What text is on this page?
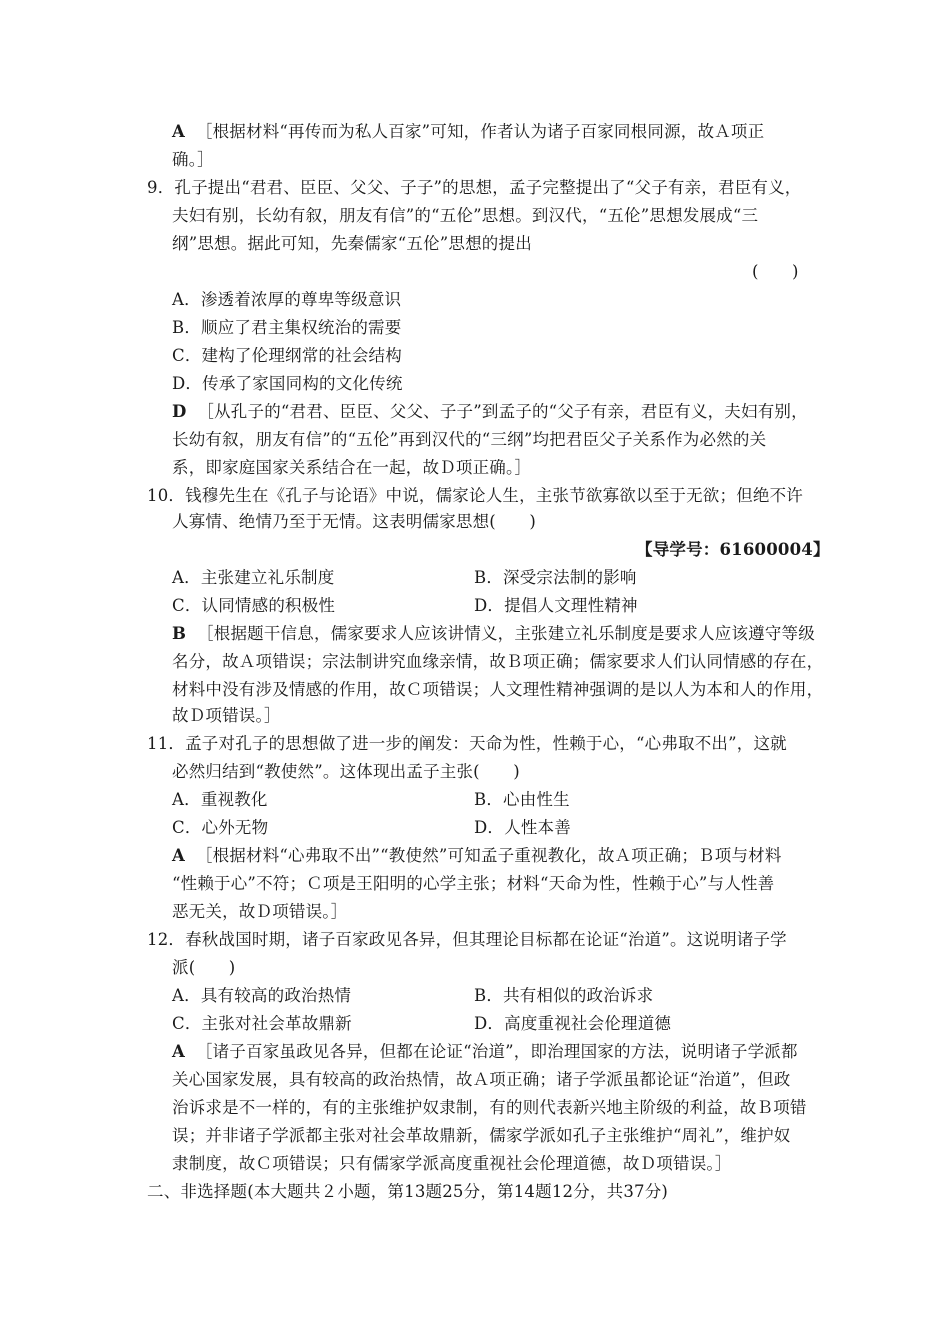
A ［根据材料“再传而为私人百家”可知，作者认为诸子百家同根同源，故Ａ项正
确。］
9．孔子提出“君君、臣臣、父父、子子”的思想，孟子完整提出了“父子有亲，君臣有义，
夫妇有别，长幼有叙，朋友有信”的“五伦”思想。到汉代，“五伦”思想发展成“三
纲”思想。据此可知，先秦儒家“五伦”思想的提出
(　　)
A．渗透着浓厚的尊卑等级意识
B．顺应了君主集权统治的需要
C．建构了伦理纲常的社会结构
D．传承了家国同构的文化传统
D ［从孔子的“君君、臣臣、父父、子子”到孟子的“父子有亲，君臣有义，夫妇有别，
长幼有叙，朋友有信”的“五伦”再到汉代的“三纲”均把君臣父子关系作为必然的关
系，即家庭国家关系结合在一起，故Ｄ项正确。］
10．钱穆先生在《孔子与论语》中说，儒家论人生，主张节欲寡欲以至于无欲；但绝不许
人寡情、绝情乃至于无情。这表明儒家思想(　　)
【导学号：61600004】
A．主张建立礼乐制度	B．深受宗法制的影响
C．认同情感的积极性	D．提倡人文理性精神
B ［根据题干信息，儒家要求人应该讲情义，主张建立礼乐制度是要求人应该遵守等级
名分，故Ａ项错误；宗法制讲究血缘亲情，故Ｂ项正确；儒家要求人们认同情感的存在，
材料中没有涉及情感的作用，故Ｃ项错误；人文理性精神强调的是以人为本和人的作用，
故Ｄ项错误。］
11．孟子对孔子的思想做了进一步的阐发：天命为性，性赖于心，“心弗取不出”，这就
必然归结到“教使然”。这体现出孟子主张(　　)
A．重视教化	B．心由性生
C．心外无物	D．人性本善
A ［根据材料“心弗取不出”“教使然”可知孟子重视教化，故Ａ项正确；Ｂ项与材料
“性赖于心”不符；Ｃ项是王阳明的心学主张；材料“天命为性，性赖于心”与人性善
恶无关，故Ｄ项错误。］
12．春秋战国时期，诸子百家政见各异，但其理论目标都在论证“治道”。这说明诸子学
派(　　)
A．具有较高的政治热情	B．共有相似的政治诉求
C．主张对社会革故鼎新	D．高度重视社会伦理道德
A ［诸子百家虽政见各异，但都在论证“治道”，即治理国家的方法，说明诸子学派都
关心国家发展，具有较高的政治热情，故Ａ项正确；诸子学派虽都论证“治道”，但政
治诉求是不一样的，有的主张维护奴隶制，有的则代表新兴地主阶级的利益，故Ｂ项错
误；并非诸子学派都主张对社会革故鼎新，儒家学派如孔子主张维护“周礼”，维护奴
隶制度，故Ｃ项错误；只有儒家学派高度重视社会伦理道德，故Ｄ项错误。］
二、非选择题(本大题共２小题，第13题25分，第14题12分，共37分)
